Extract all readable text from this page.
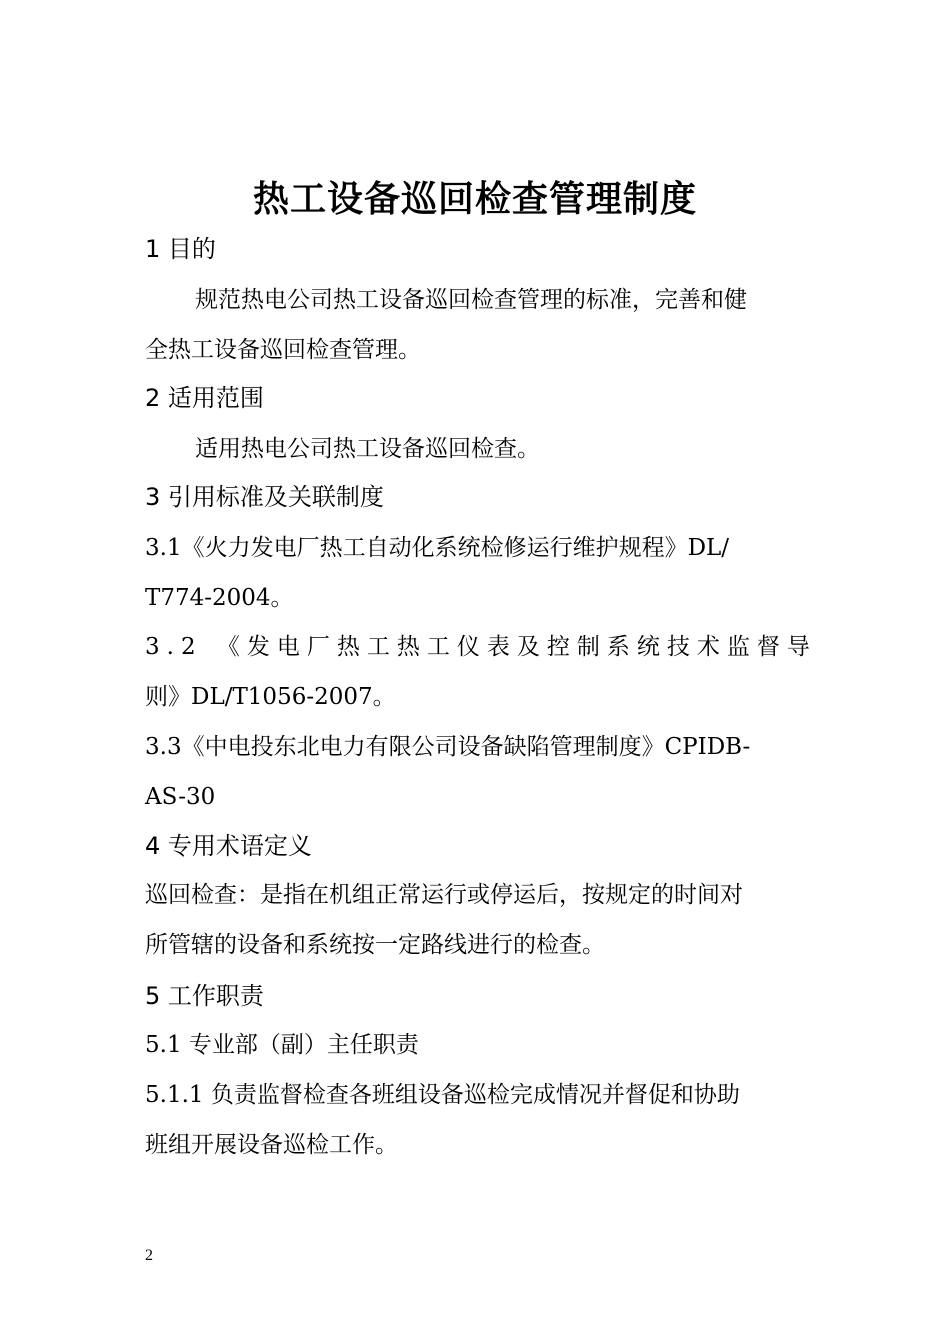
热工设备巡回检查管理制度
1 目的
规范热电公司热工设备巡回检查管理的标准，完善和健
全热工设备巡回检查管理。
2 适用范围
适用热电公司热工设备巡回检查。
3 引用标准及关联制度
3.1《火力发电厂热工自动化系统检修运行维护规程》DL/
T774-2004。
3.2 《发电厂热工热工仪表及控制系统技术监督导
则》DL/T1056-2007。
3.3《中电投东北电力有限公司设备缺陷管理制度》CPIDB-
AS-30
4 专用术语定义
巡回检查：是指在机组正常运行或停运后，按规定的时间对
所管辖的设备和系统按一定路线进行的检查。
5 工作职责
5.1 专业部（副）主任职责
5.1.1 负责监督检查各班组设备巡检完成情况并督促和协助
班组开展设备巡检工作。
2
